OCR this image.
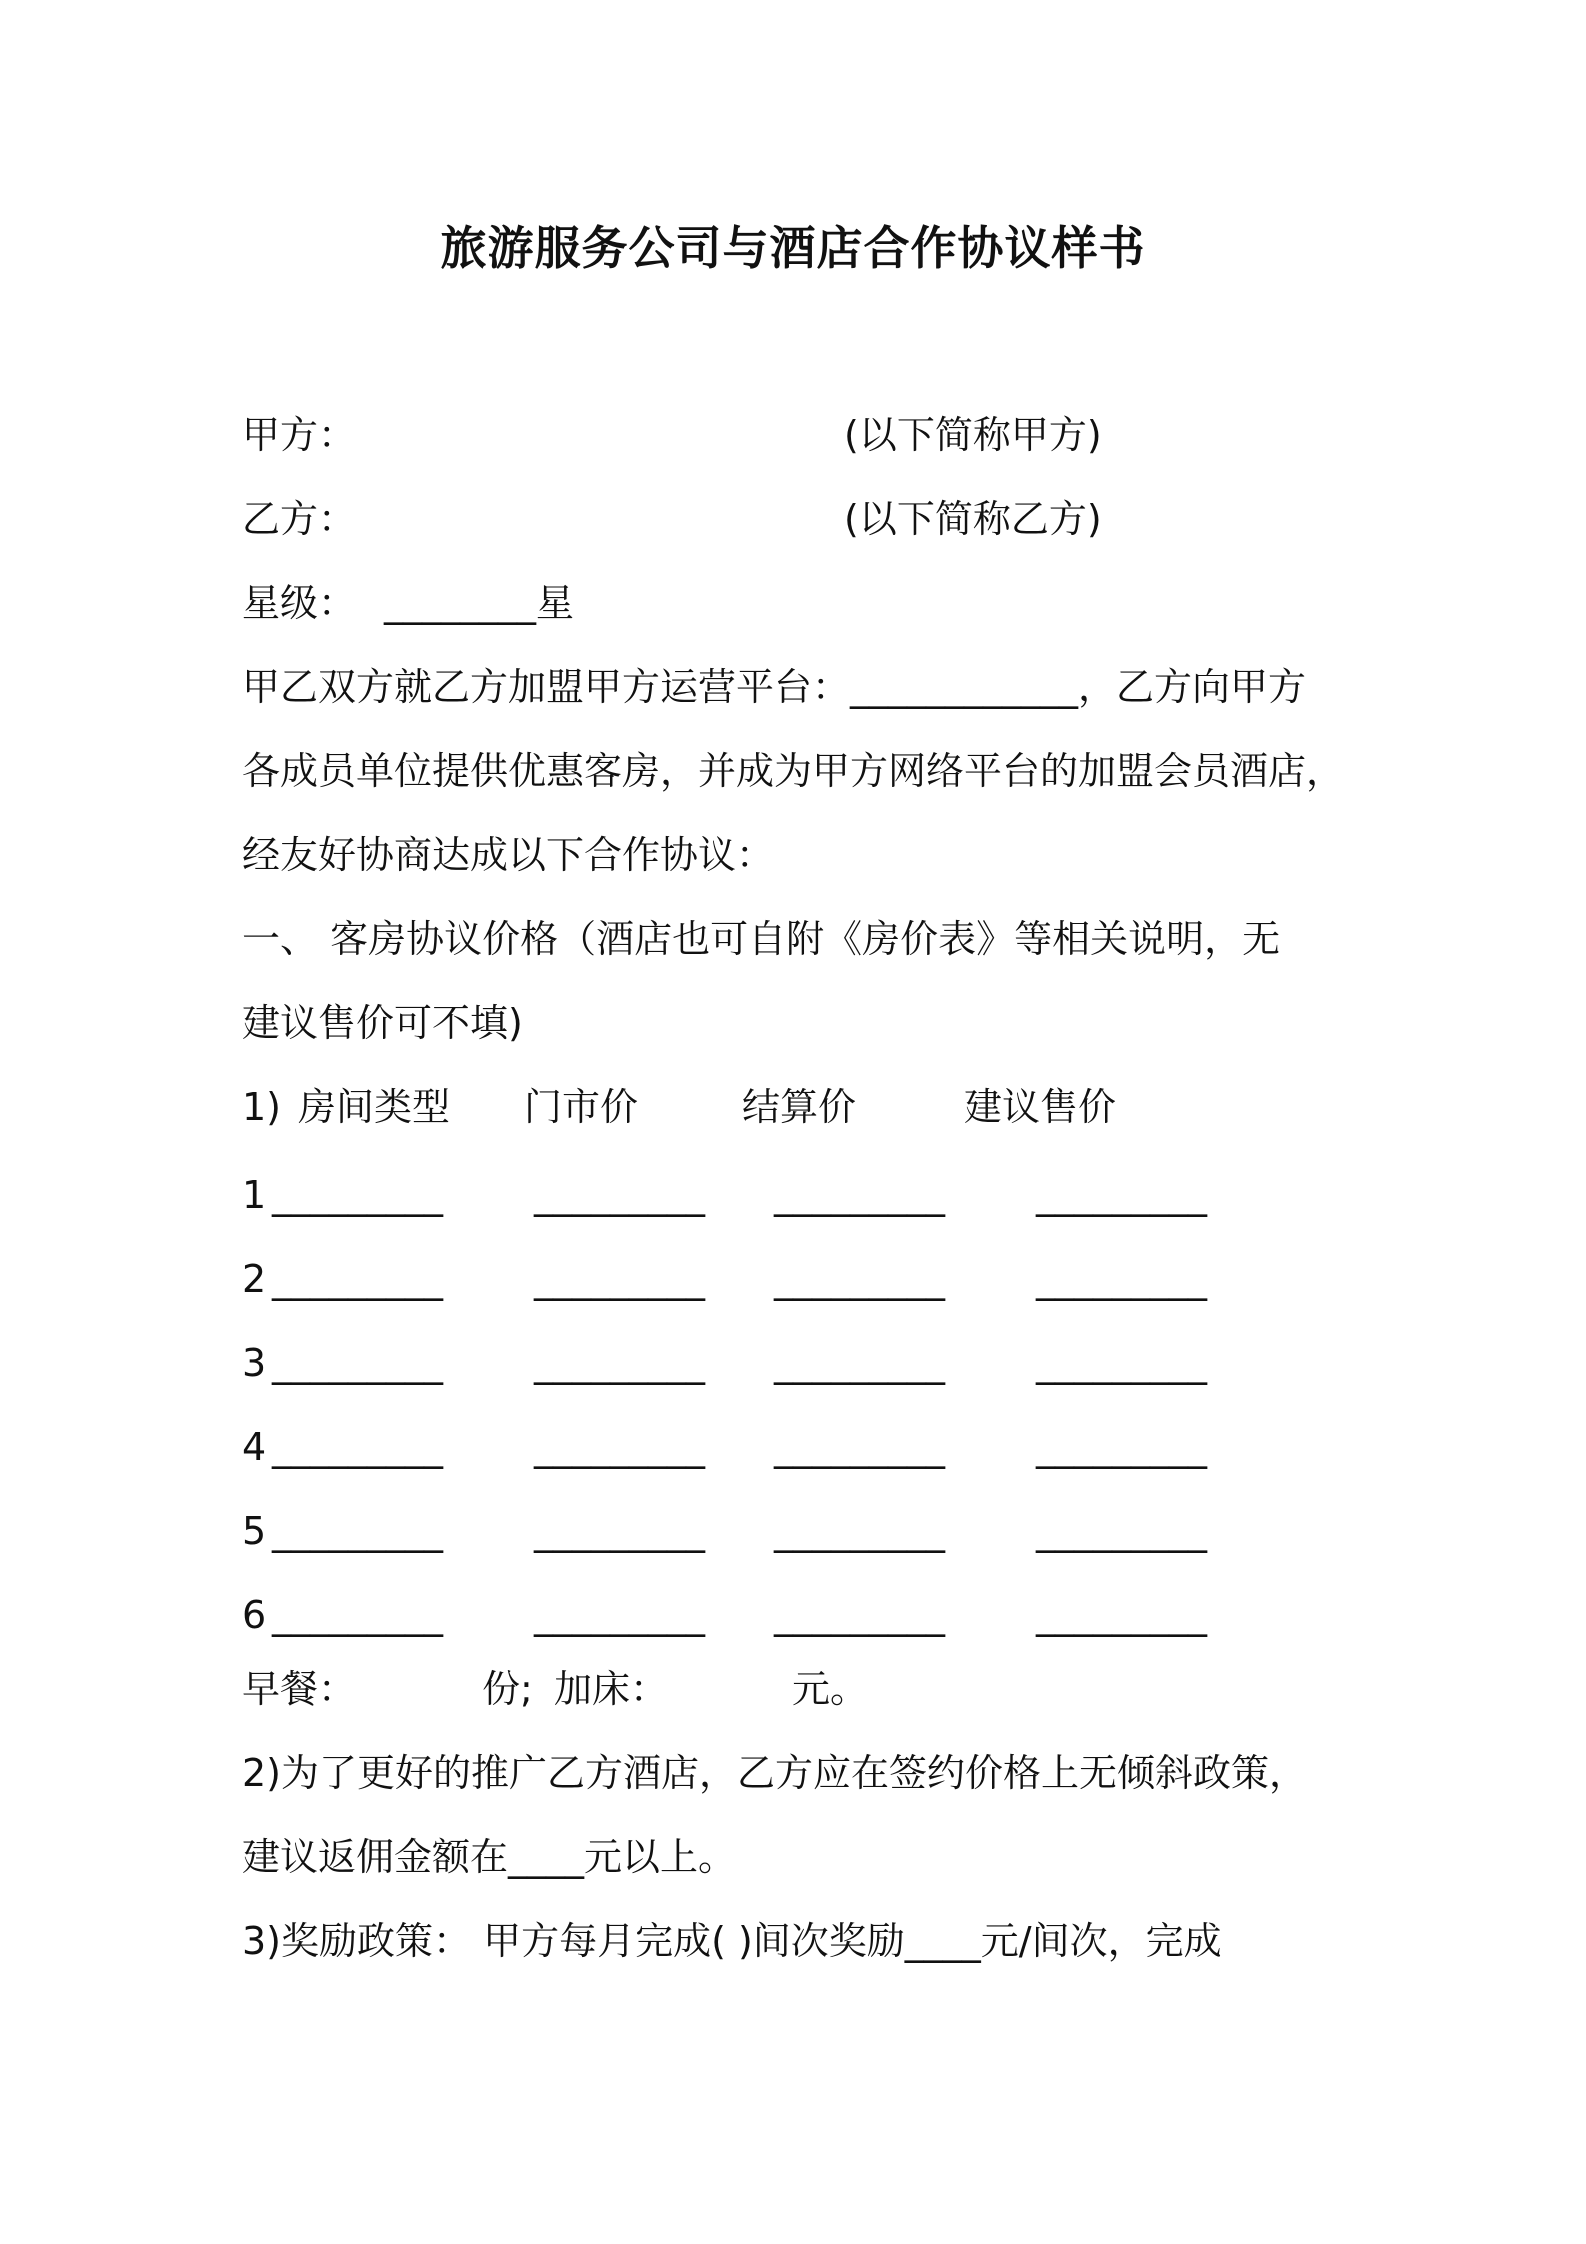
旅游服务公司与酒店合作协议样书
甲方：	(以下简称甲方)
乙方：	(以下简称乙方)
星级： ________星
甲乙双方就乙方加盟甲方运营平台：____________，乙方向甲方
各成员单位提供优惠客房，并成为甲方网络平台的加盟会员酒店，
经友好协商达成以下合作协议：
一、 客房协议价格（酒店也可自附《房价表》等相关说明，无
建议售价可不填)
1) 房间类型 门市价	结算价	建议售价
1 _________ _________ _________ _________
2 _________ _________ _________ _________
3 _________ _________ _________ _________
4 _________ _________ _________ _________
5 _________ _________ _________ _________
6 _________ _________ _________ _________
早餐：	份; 加床：	元。
2)为了更好的推广乙方酒店，乙方应在签约价格上无倾斜政策，
建议返佣金额在____元以上。
3)奖励政策： 甲方每月完成( )间次奖励____元/间次，完成
